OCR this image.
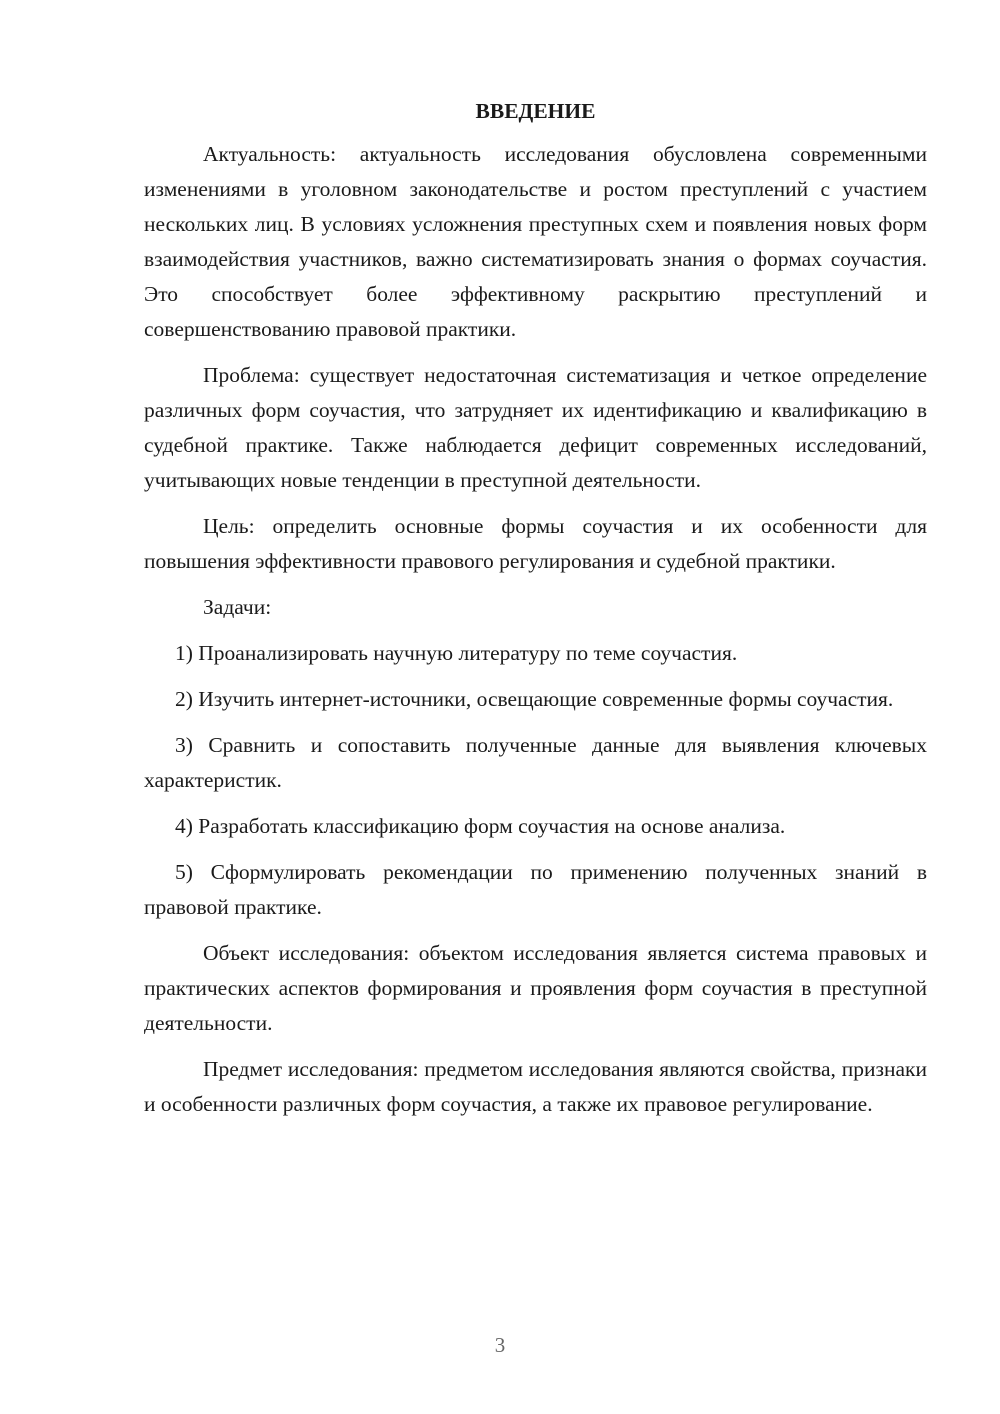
ВВЕДЕНИЕ

Актуальность: актуальность исследования обусловлена современными изменениями в уголовном законодательстве и ростом преступлений с участием нескольких лиц. В условиях усложнения преступных схем и появления новых форм взаимодействия участников, важно систематизировать знания о формах соучастия. Это способствует более эффективному раскрытию преступлений и совершенствованию правовой практики.

Проблема: существует недостаточная систематизация и четкое определение различных форм соучастия, что затрудняет их идентификацию и квалификацию в судебной практике. Также наблюдается дефицит современных исследований, учитывающих новые тенденции в преступной деятельности.

Цель: определить основные формы соучастия и их особенности для повышения эффективности правового регулирования и судебной практики.

Задачи:

1) Проанализировать научную литературу по теме соучастия.

2) Изучить интернет-источники, освещающие современные формы соучастия.

3) Сравнить и сопоставить полученные данные для выявления ключевых характеристик.

4) Разработать классификацию форм соучастия на основе анализа.

5) Сформулировать рекомендации по применению полученных знаний в правовой практике.

Объект исследования: объектом исследования является система правовых и практических аспектов формирования и проявления форм соучастия в преступной деятельности.

Предмет исследования: предметом исследования являются свойства, признаки и особенности различных форм соучастия, а также их правовое регулирование.

3
